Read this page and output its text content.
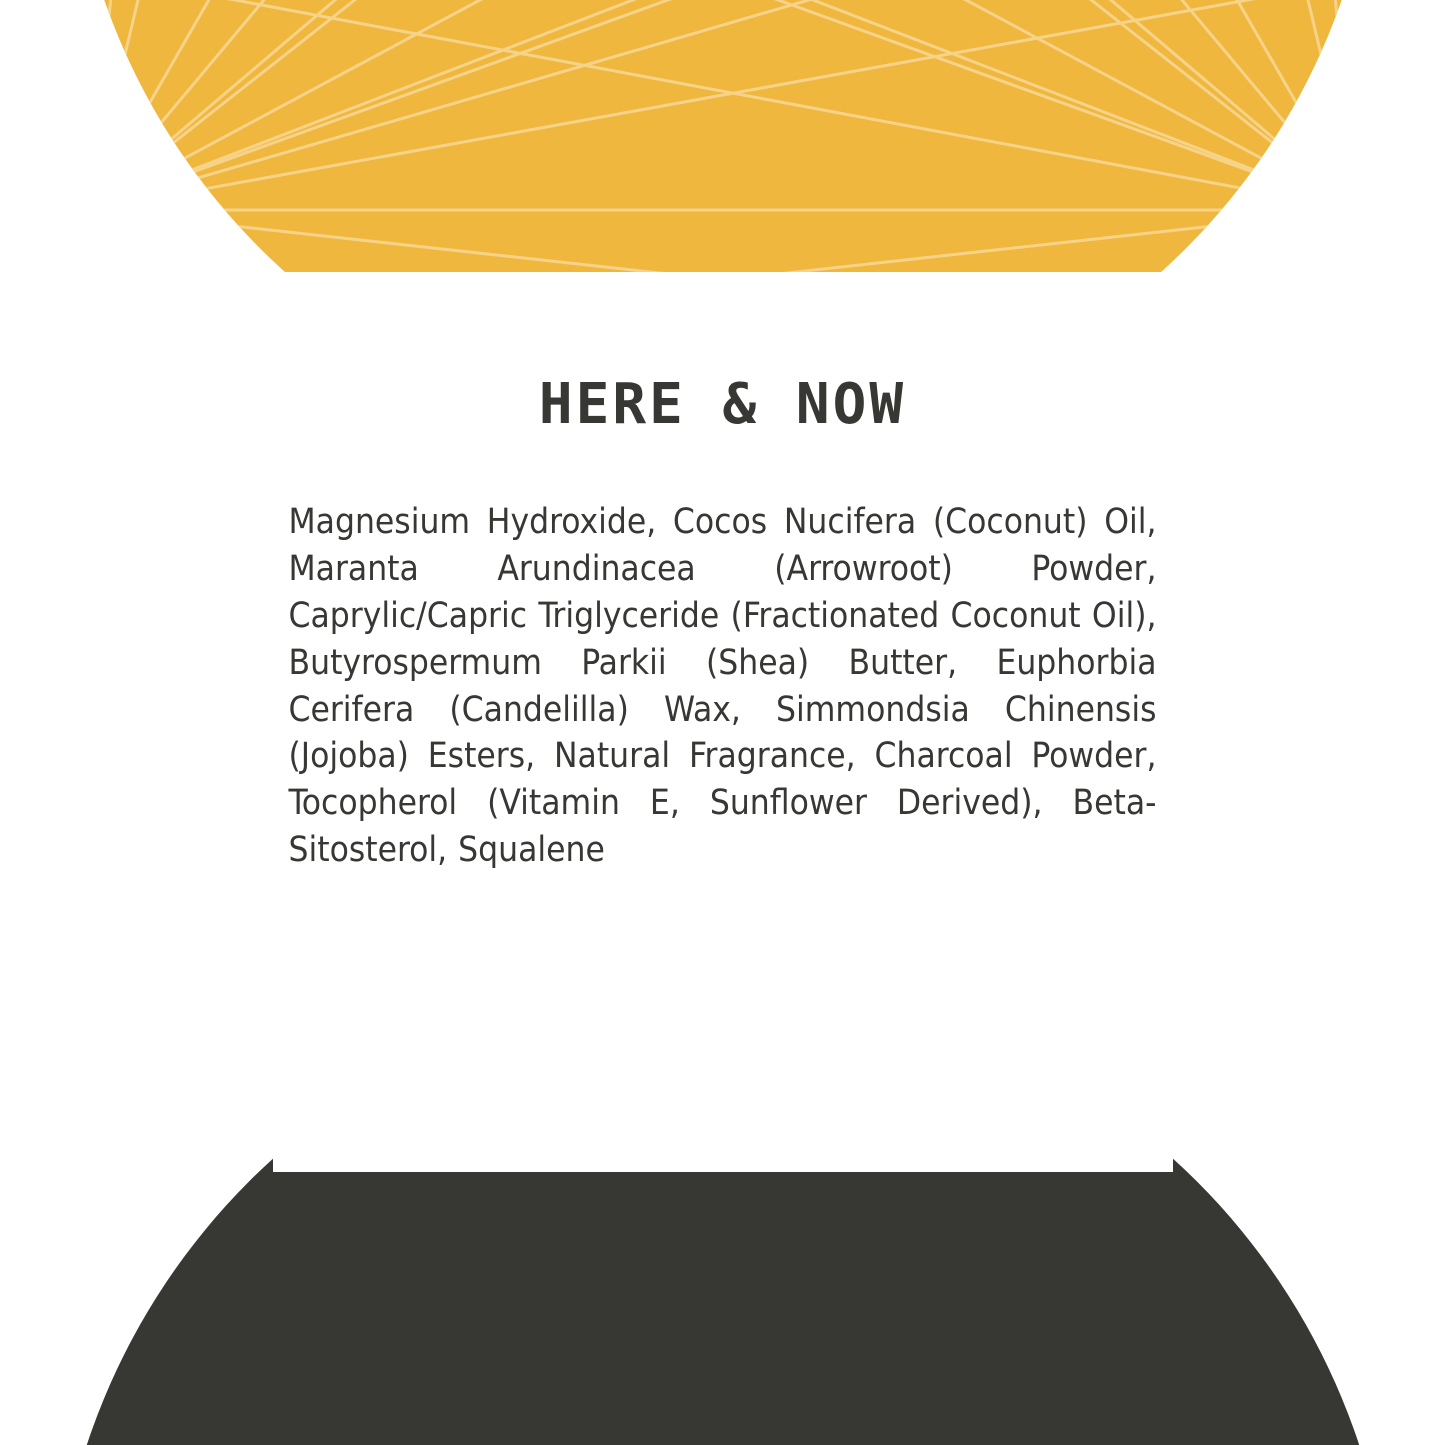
HERE & NOW

Magnesium Hydroxide, Cocos Nucifera (Coconut) Oil, Maranta Arundinacea (Arrowroot) Powder, Caprylic/Capric Triglyceride (Fractionated Coconut Oil), Butyrospermum Parkii (Shea) Butter, Euphorbia Cerifera (Candelilla) Wax, Simmondsia Chinensis (Jojoba) Esters, Natural Fragrance, Charcoal Powder, Tocopherol (Vitamin E, Sunflower Derived), Beta-Sitosterol, Squalene
